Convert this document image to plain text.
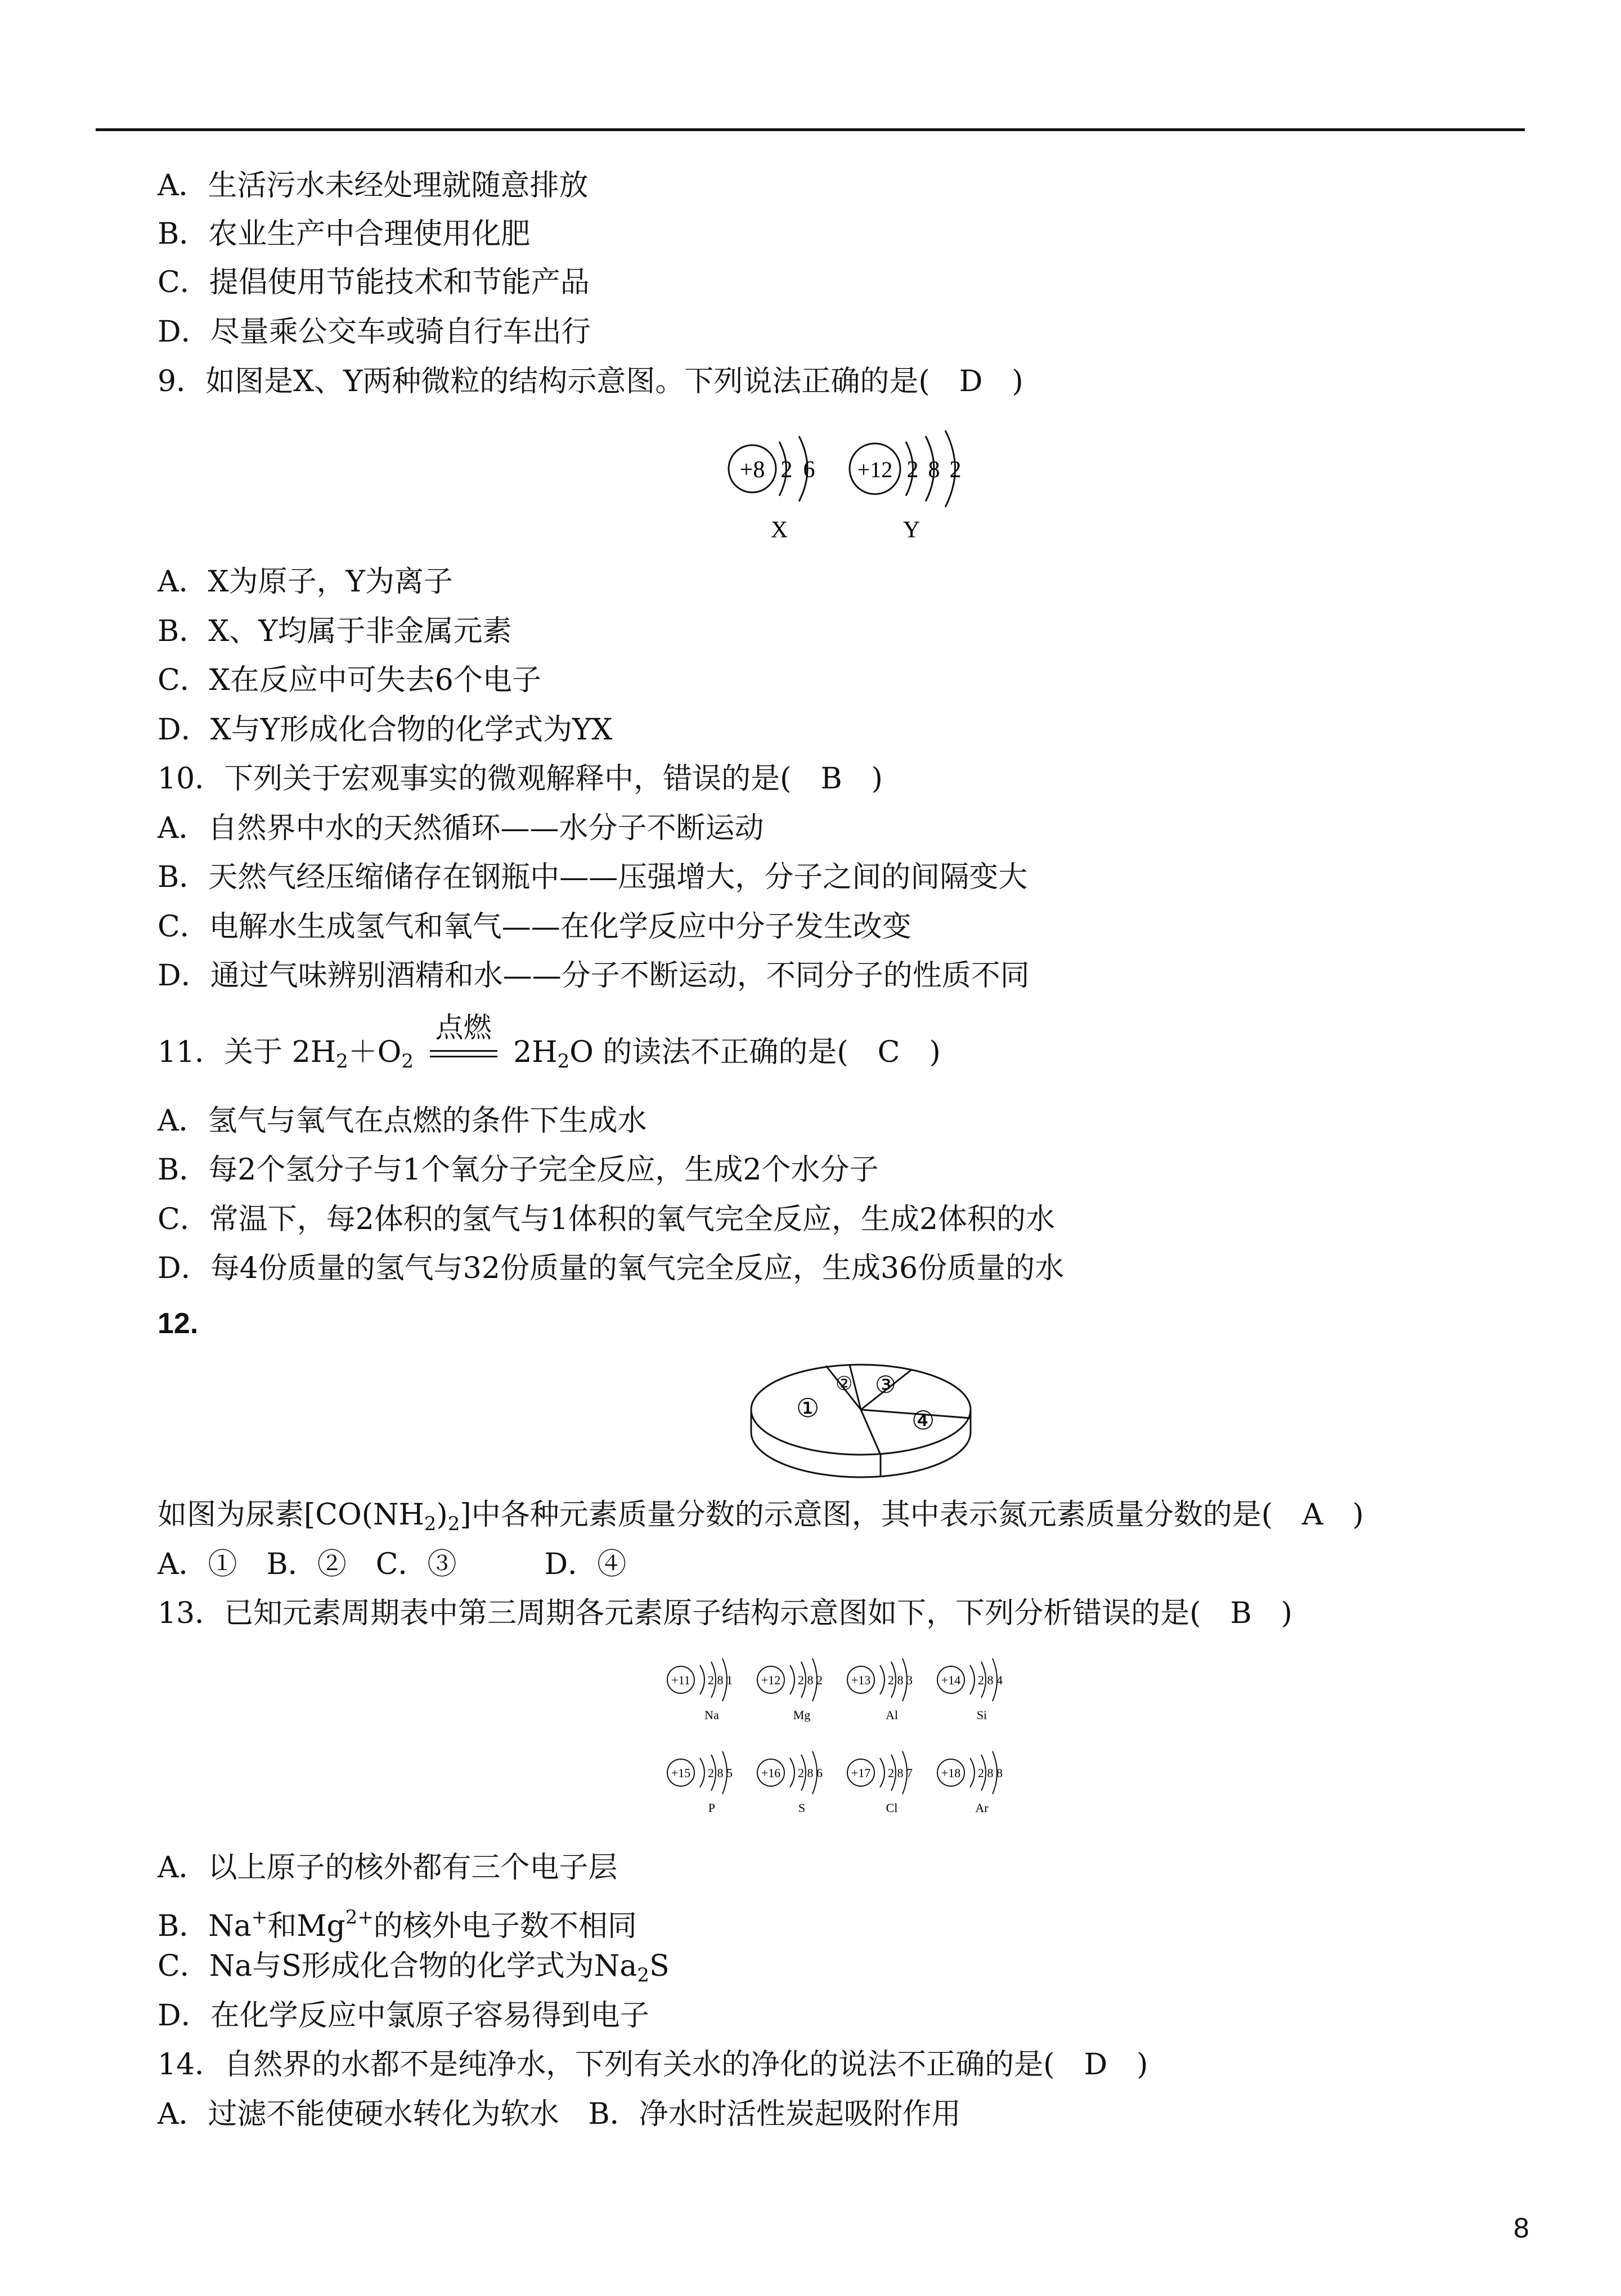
A．生活污水未经处理就随意排放
B．农业生产中合理使用化肥
C．提倡使用节能技术和节能产品
D．尽量乘公交车或骑自行车出行
9．如图是X、Y两种微粒的结构示意图。下列说法正确的是(　D　)
+8 2 6
X
+12 2 8 2
Y
A．X为原子，Y为离子
B．X、Y均属于非金属元素
C．X在反应中可失去6个电子
D．X与Y形成化合物的化学式为YX
10．下列关于宏观事实的微观解释中，错误的是(　B　)
A．自然界中水的天然循环——水分子不断运动
B．天然气经压缩储存在钢瓶中——压强增大，分子之间的间隔变大
C．电解水生成氢气和氧气——在化学反应中分子发生改变
D．通过气味辨别酒精和水——分子不断运动，不同分子的性质不同
11．关于 $2H_2+O_2$
点燃
$2H_2O$ 的读法不正确的是(　C　)
A．氢气与氧气在点燃的条件下生成水
B．每2个氢分子与1个氧分子完全反应，生成2个水分子
C．常温下，每2体积的氢气与1体积的氧气完全反应，生成2体积的水
D．每4份质量的氢气与32份质量的氧气完全反应，生成36份质量的水
12.
①
② ③
④
如图为尿素$[CO(NH_2)_2]$中各种元素质量分数的示意图，其中表示氮元素质量分数的是(　A　)
A．①　B．②　C．③　　　D．④
13．已知元素周期表中第三周期各元素原子结构示意图如下，下列分析错误的是(　B　)
+11 2 8 1
Na
+12 2 8 2
Mg
+13 2 8 3
Al
+14 2 8 4
Si
+15 2 8 5
P
+16 2 8 6
S
+17 2 8 7
Cl
+18 2 8 8
Ar
A．以上原子的核外都有三个电子层
B．Na+和$Mg^{2+}$的核外电子数不相同
C．Na与S形成化合物的化学式为$Na_2S$
D．在化学反应中氯原子容易得到电子
14．自然界的水都不是纯净水，下列有关水的净化的说法不正确的是(　D　)
A．过滤不能使硬水转化为软水　B．净水时活性炭起吸附作用
8
